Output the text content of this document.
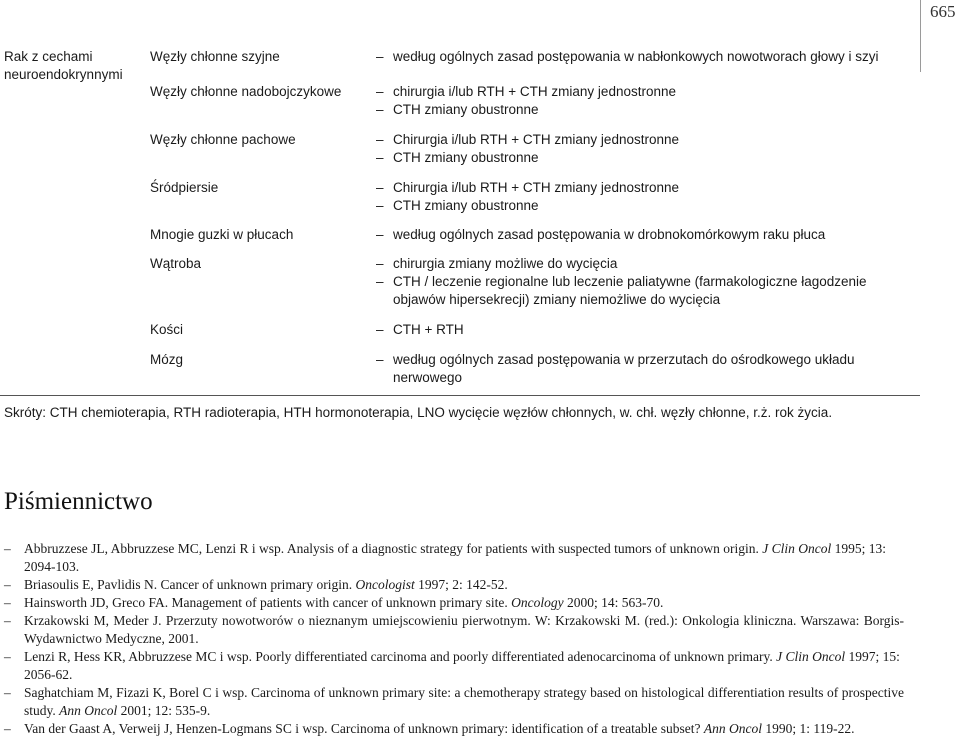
665
Rak z cechami neuroendokrynnymi
Węzły chłonne szyjne	– według ogólnych zasad postępowania w nabłonkowych nowotworach głowy i szyi
Węzły chłonne nadobojczykowe	– chirurgia i/lub RTH + CTH zmiany jednostronne
– CTH zmiany obustronne
Węzły chłonne pachowe	– Chirurgia i/lub RTH + CTH zmiany jednostronne
– CTH zmiany obustronne
Śródpiersie	– Chirurgia i/lub RTH + CTH zmiany jednostronne
– CTH zmiany obustronne
Mnogie guzki w płucach	– według ogólnych zasad postępowania w drobnokomórkowym raku płuca
Wątroba	– chirurgia zmiany możliwe do wycięcia
– CTH / leczenie regionalne lub leczenie paliatywne (farmakologiczne łagodzenie objawów hipersekrecji) zmiany niemożliwe do wycięcia
Kości	– CTH + RTH
Mózg	– według ogólnych zasad postępowania w przerzutach do ośrodkowego układu nerwowego
Skróty: CTH chemioterapia, RTH radioterapia, HTH hormonoterapia, LNO wycięcie węzłów chłonnych, w. chł. węzły chłonne, r.ż. rok życia.
Piśmiennictwo
– Abbruzzese JL, Abbruzzese MC, Lenzi R i wsp. Analysis of a diagnostic strategy for patients with suspected tumors of unknown origin. J Clin Oncol 1995; 13: 2094-103.
– Briasoulis E, Pavlidis N. Cancer of unknown primary origin. Oncologist 1997; 2: 142-52.
– Hainsworth JD, Greco FA. Management of patients with cancer of unknown primary site. Oncology 2000; 14: 563-70.
– Krzakowski M, Meder J. Przerzuty nowotworów o nieznanym umiejscowieniu pierwotnym. W: Krzakowski M. (red.): Onkologia kliniczna. Warszawa: Borgis-Wydawnictwo Medyczne, 2001.
– Lenzi R, Hess KR, Abbruzzese MC i wsp. Poorly differentiated carcinoma and poorly differentiated adenocarcinoma of unknown primary. J Clin Oncol 1997; 15: 2056-62.
– Saghatchiam M, Fizazi K, Borel C i wsp. Carcinoma of unknown primary site: a chemotherapy strategy based on histological differentiation results of prospective study. Ann Oncol 2001; 12: 535-9.
– Van der Gaast A, Verweij J, Henzen-Logmans SC i wsp. Carcinoma of unknown primary: identification of a treatable subset? Ann Oncol 1990; 1: 119-22.
